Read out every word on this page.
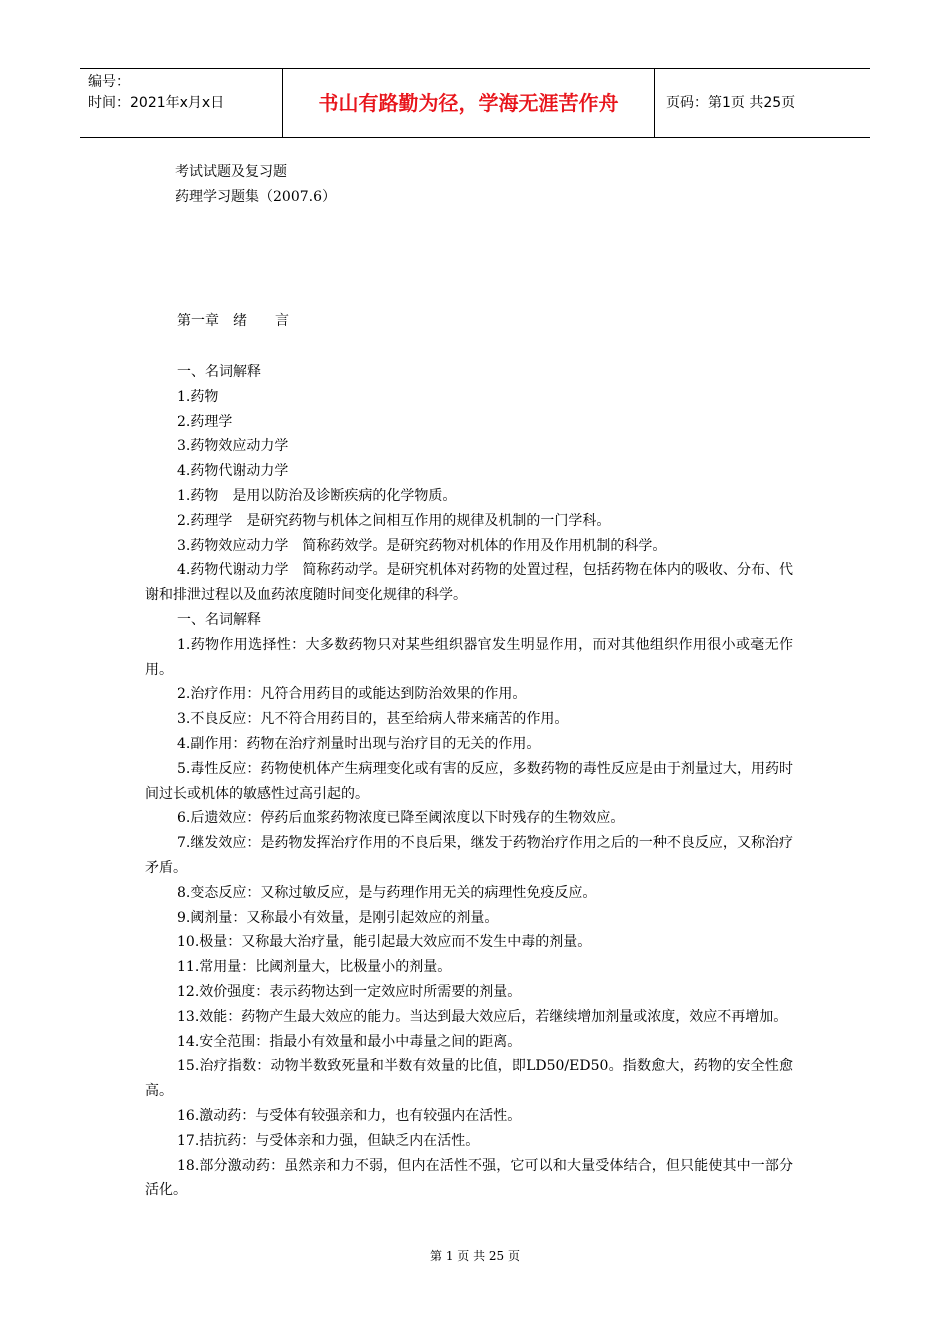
编号：
时间：2021年x月x日	书山有路勤为径，学海无涯苦作舟	页码：第1页 共25页
考试试题及复习题
药理学习题集（2007.6）
第一章　绪　　言

一、名词解释

1.药物

2.药理学

3.药物效应动力学

4.药物代谢动力学

1.药物　是用以防治及诊断疾病的化学物质。

2.药理学　是研究药物与机体之间相互作用的规律及机制的一门学科。

3.药物效应动力学　简称药效学。是研究药物对机体的作用及作用机制的科学。

4.药物代谢动力学　简称药动学。是研究机体对药物的处置过程，包括药物在体内的吸收、分布、代谢和排泄过程以及血药浓度随时间变化规律的科学。

一、名词解释

1.药物作用选择性：大多数药物只对某些组织器官发生明显作用，而对其他组织作用很小或毫无作用。

2.治疗作用：凡符合用药目的或能达到防治效果的作用。

3.不良反应：凡不符合用药目的，甚至给病人带来痛苦的作用。

4.副作用：药物在治疗剂量时出现与治疗目的无关的作用。

5.毒性反应：药物使机体产生病理变化或有害的反应，多数药物的毒性反应是由于剂量过大，用药时间过长或机体的敏感性过高引起的。

6.后遗效应：停药后血浆药物浓度已降至阈浓度以下时残存的生物效应。

7.继发效应：是药物发挥治疗作用的不良后果，继发于药物治疗作用之后的一种不良反应，又称治疗矛盾。

8.变态反应：又称过敏反应，是与药理作用无关的病理性免疫反应。

9.阈剂量：又称最小有效量，是刚引起效应的剂量。

10.极量：又称最大治疗量，能引起最大效应而不发生中毒的剂量。

11.常用量：比阈剂量大，比极量小的剂量。

12.效价强度：表示药物达到一定效应时所需要的剂量。

13.效能：药物产生最大效应的能力。当达到最大效应后，若继续增加剂量或浓度，效应不再增加。

14.安全范围：指最小有效量和最小中毒量之间的距离。

15.治疗指数：动物半数致死量和半数有效量的比值，即LD50/ED50。指数愈大，药物的安全性愈高。

16.激动药：与受体有较强亲和力，也有较强内在活性。

17.拮抗药：与受体亲和力强，但缺乏内在活性。

18.部分激动药：虽然亲和力不弱，但内在活性不强，它可以和大量受体结合，但只能使其中一部分活化。

第 1 页 共 25 页
